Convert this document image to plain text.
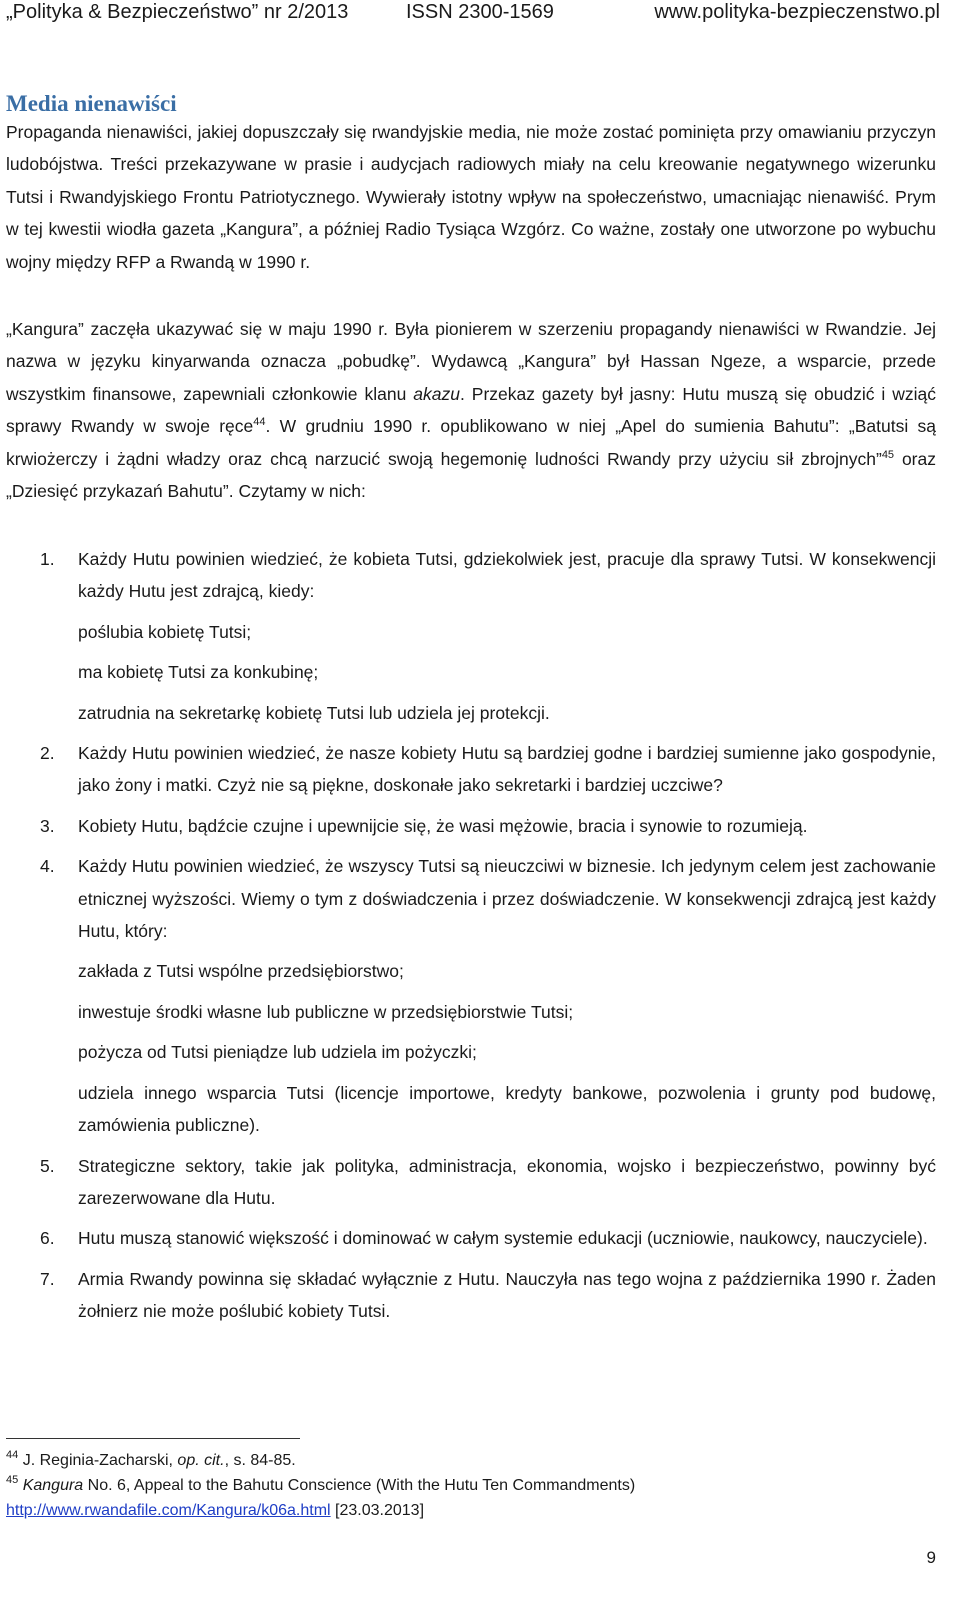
„Polityka & Bezpieczeństwo” nr 2/2013	ISSN 2300-1569	www.polityka-bezpieczenstwo.pl
Media nienawiści

Propaganda nienawiści, jakiej dopuszczały się rwandyjskie media, nie może zostać pominięta przy omawianiu przyczyn ludobójstwa. Treści przekazywane w prasie i audycjach radiowych miały na celu kreowanie negatywnego wizerunku Tutsi i Rwandyjskiego Frontu Patriotycznego. Wywierały istotny wpływ na społeczeństwo, umacniając nienawiść. Prym w tej kwestii wiodła gazeta „Kangura”, a później Radio Tysiąca Wzgórz. Co ważne, zostały one utworzone po wybuchu wojny między RFP a Rwandą w 1990 r.

„Kangura” zaczęła ukazywać się w maju 1990 r. Była pionierem w szerzeniu propagandy nienawiści w Rwandzie. Jej nazwa w języku kinyarwanda oznacza „pobudkę”. Wydawcą „Kangura” był Hassan Ngeze, a wsparcie, przede wszystkim finansowe, zapewniali członkowie klanu akazu. Przekaz gazety był jasny: Hutu muszą się obudzić i wziąć sprawy Rwandy w swoje ręce$^{44}$. W grudniu 1990 r. opublikowano w niej „Apel do sumienia Bahutu”: „Batutsi są krwiożerczy i żądni władzy oraz chcą narzucić swoją hegemonię ludności Rwandy przy użyciu sił zbrojnych”$^{45}$ oraz „Dziesięć przykazań Bahutu”. Czytamy w nich:

1. Każdy Hutu powinien wiedzieć, że kobieta Tutsi, gdziekolwiek jest, pracuje dla sprawy Tutsi. W konsekwencji każdy Hutu jest zdrajcą, kiedy:

poślubia kobietę Tutsi;

ma kobietę Tutsi za konkubinę;

zatrudnia na sekretarkę kobietę Tutsi lub udziela jej protekcji.

2. Każdy Hutu powinien wiedzieć, że nasze kobiety Hutu są bardziej godne i bardziej sumienne jako gospodynie, jako żony i matki. Czyż nie są piękne, doskonałe jako sekretarki i bardziej uczciwe?

3. Kobiety Hutu, bądźcie czujne i upewnijcie się, że wasi mężowie, bracia i synowie to rozumieją.

4. Każdy Hutu powinien wiedzieć, że wszyscy Tutsi są nieuczciwi w biznesie. Ich jedynym celem jest zachowanie etnicznej wyższości. Wiemy o tym z doświadczenia i przez doświadczenie. W konsekwencji zdrajcą jest każdy Hutu, który:

zakłada z Tutsi wspólne przedsiębiorstwo;

inwestuje środki własne lub publiczne w przedsiębiorstwie Tutsi;

pożycza od Tutsi pieniądze lub udziela im pożyczki;

udziela innego wsparcia Tutsi (licencje importowe, kredyty bankowe, pozwolenia i grunty pod budowę, zamówienia publiczne).

5. Strategiczne sektory, takie jak polityka, administracja, ekonomia, wojsko i bezpieczeństwo, powinny być zarezerwowane dla Hutu.

6. Hutu muszą stanowić większość i dominować w całym systemie edukacji (uczniowie, naukowcy, nauczyciele).

7. Armia Rwandy powinna się składać wyłącznie z Hutu. Nauczyła nas tego wojna z października 1990 r. Żaden żołnierz nie może poślubić kobiety Tutsi.

$^{44}$ J. Reginia-Zacharski, op. cit., s. 84-85.

$^{45}$ Kangura No. 6, Appeal to the Bahutu Conscience (With the Hutu Ten Commandments)

http://www.rwandafile.com/Kangura/k06a.html [23.03.2013]

9
